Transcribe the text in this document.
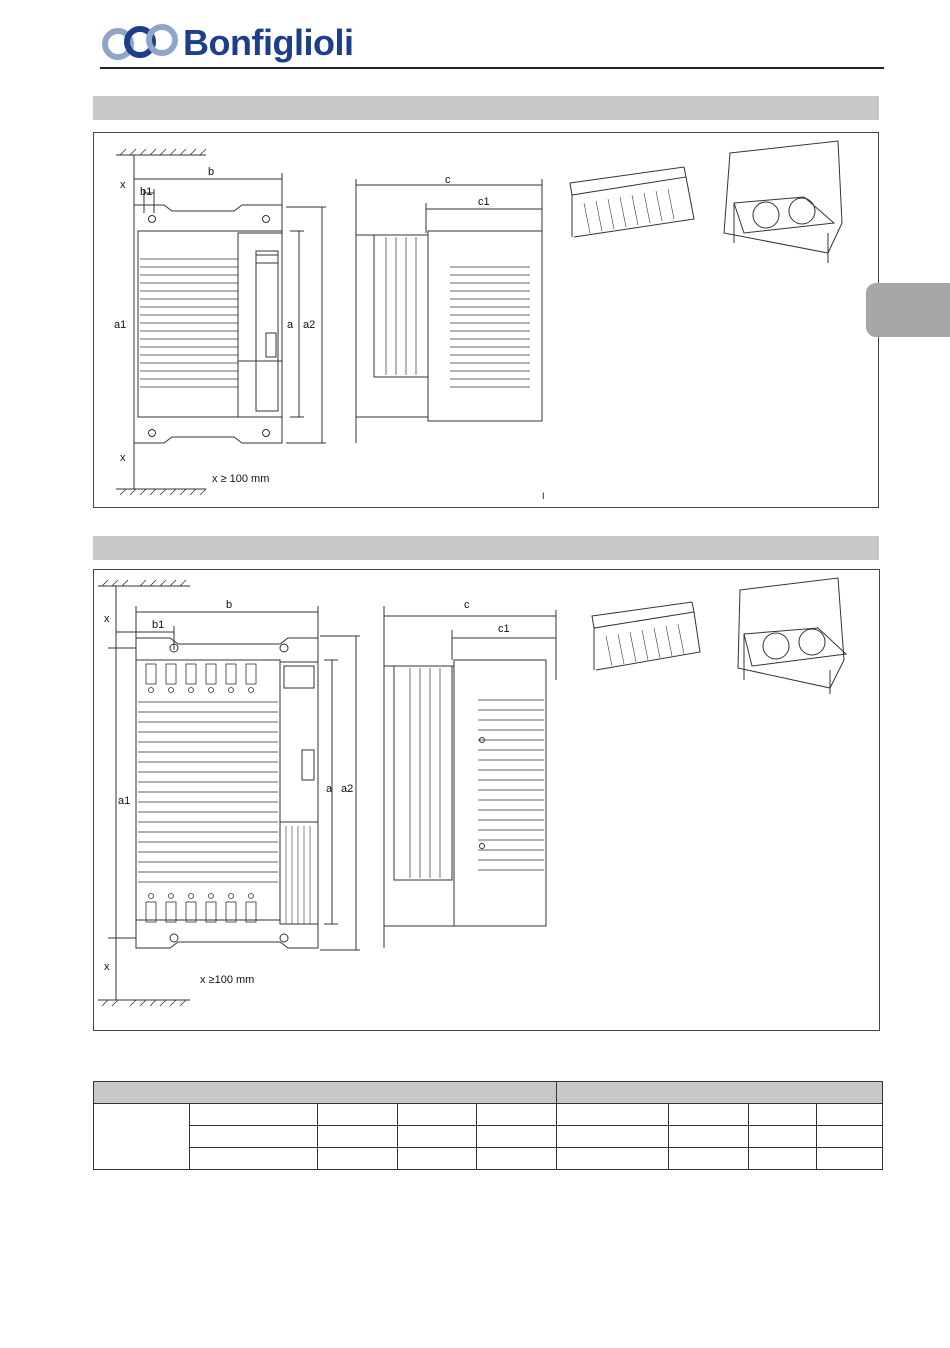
Bonfiglioli
b
b1
x
a1	a a2
x
c
c1
x ≥ 100 mm
I
b
b1
x
a1
a a2
x
c
c1
x ≥100 mm
